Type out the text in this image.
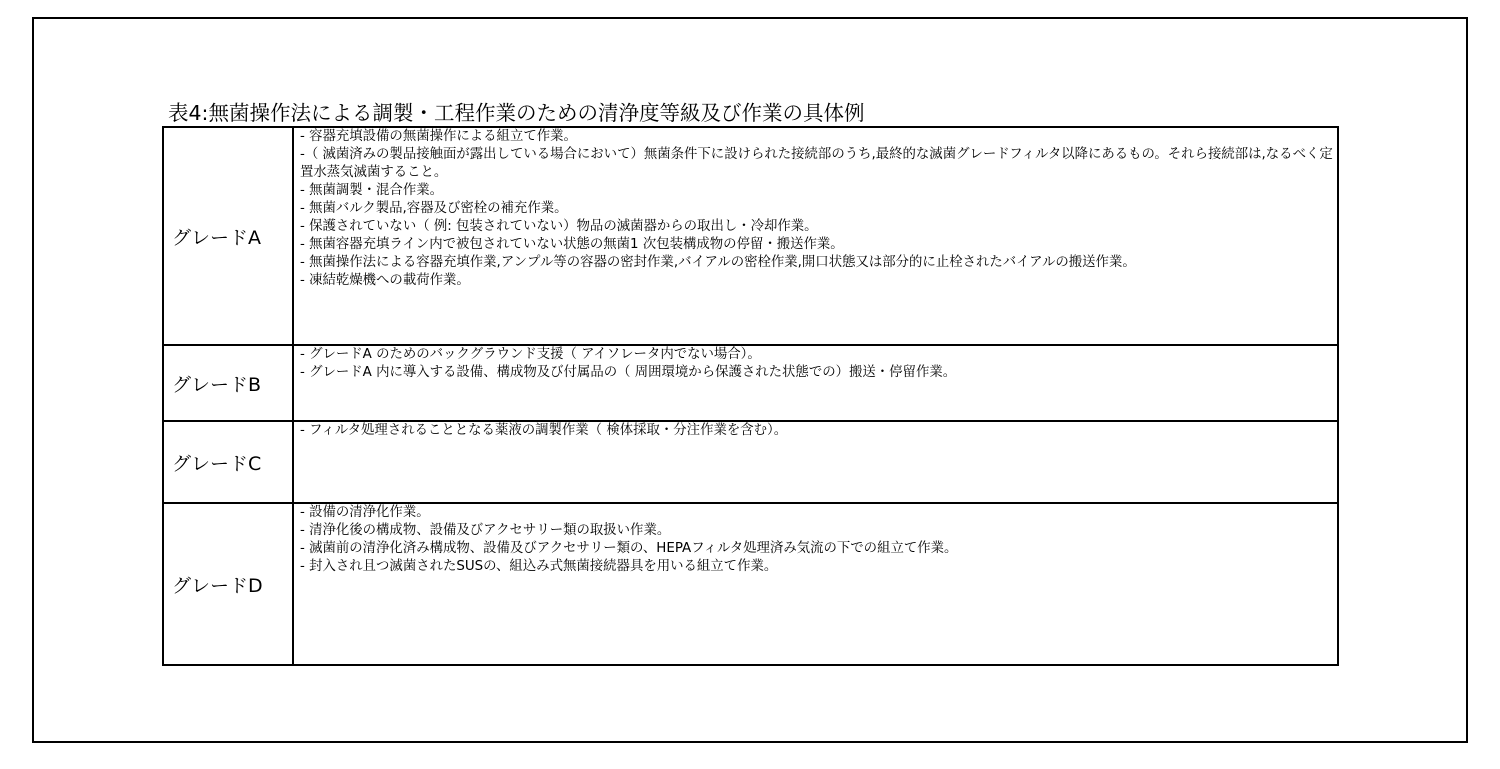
表4:無菌操作法による調製・工程作業のための清浄度等級及び作業の具体例
グレードA
- 容器充填設備の無菌操作による組立て作業。
-（ 滅菌済みの製品接触面が露出している場合において）無菌条件下に設けられた接続部のうち,最終的な滅菌グレードフィルタ以降にあるもの。それら接続部は,なるべく定置水蒸気滅菌すること。
- 無菌調製・混合作業。
- 無菌バルク製品,容器及び密栓の補充作業。
- 保護されていない（ 例: 包装されていない）物品の滅菌器からの取出し・冷却作業。
- 無菌容器充填ライン内で被包されていない状態の無菌1 次包装構成物の停留・搬送作業。
- 無菌操作法による容器充填作業,アンプル等の容器の密封作業,バイアルの密栓作業,開口状態又は部分的に止栓されたバイアルの搬送作業。
- 凍結乾燥機への載荷作業。
グレードB
- グレードA のためのバックグラウンド支援（ アイソレータ内でない場合）。
- グレードA 内に導入する設備、構成物及び付属品の（ 周囲環境から保護された状態での）搬送・停留作業。
グレードC
- フィルタ処理されることとなる薬液の調製作業（ 検体採取・分注作業を含む）。
グレードD
- 設備の清浄化作業。
- 清浄化後の構成物、設備及びアクセサリー類の取扱い作業。
- 滅菌前の清浄化済み構成物、設備及びアクセサリー類の、HEPAフィルタ処理済み気流の下での組立て作業。
- 封入され且つ滅菌されたSUSの、組込み式無菌接続器具を用いる組立て作業。
